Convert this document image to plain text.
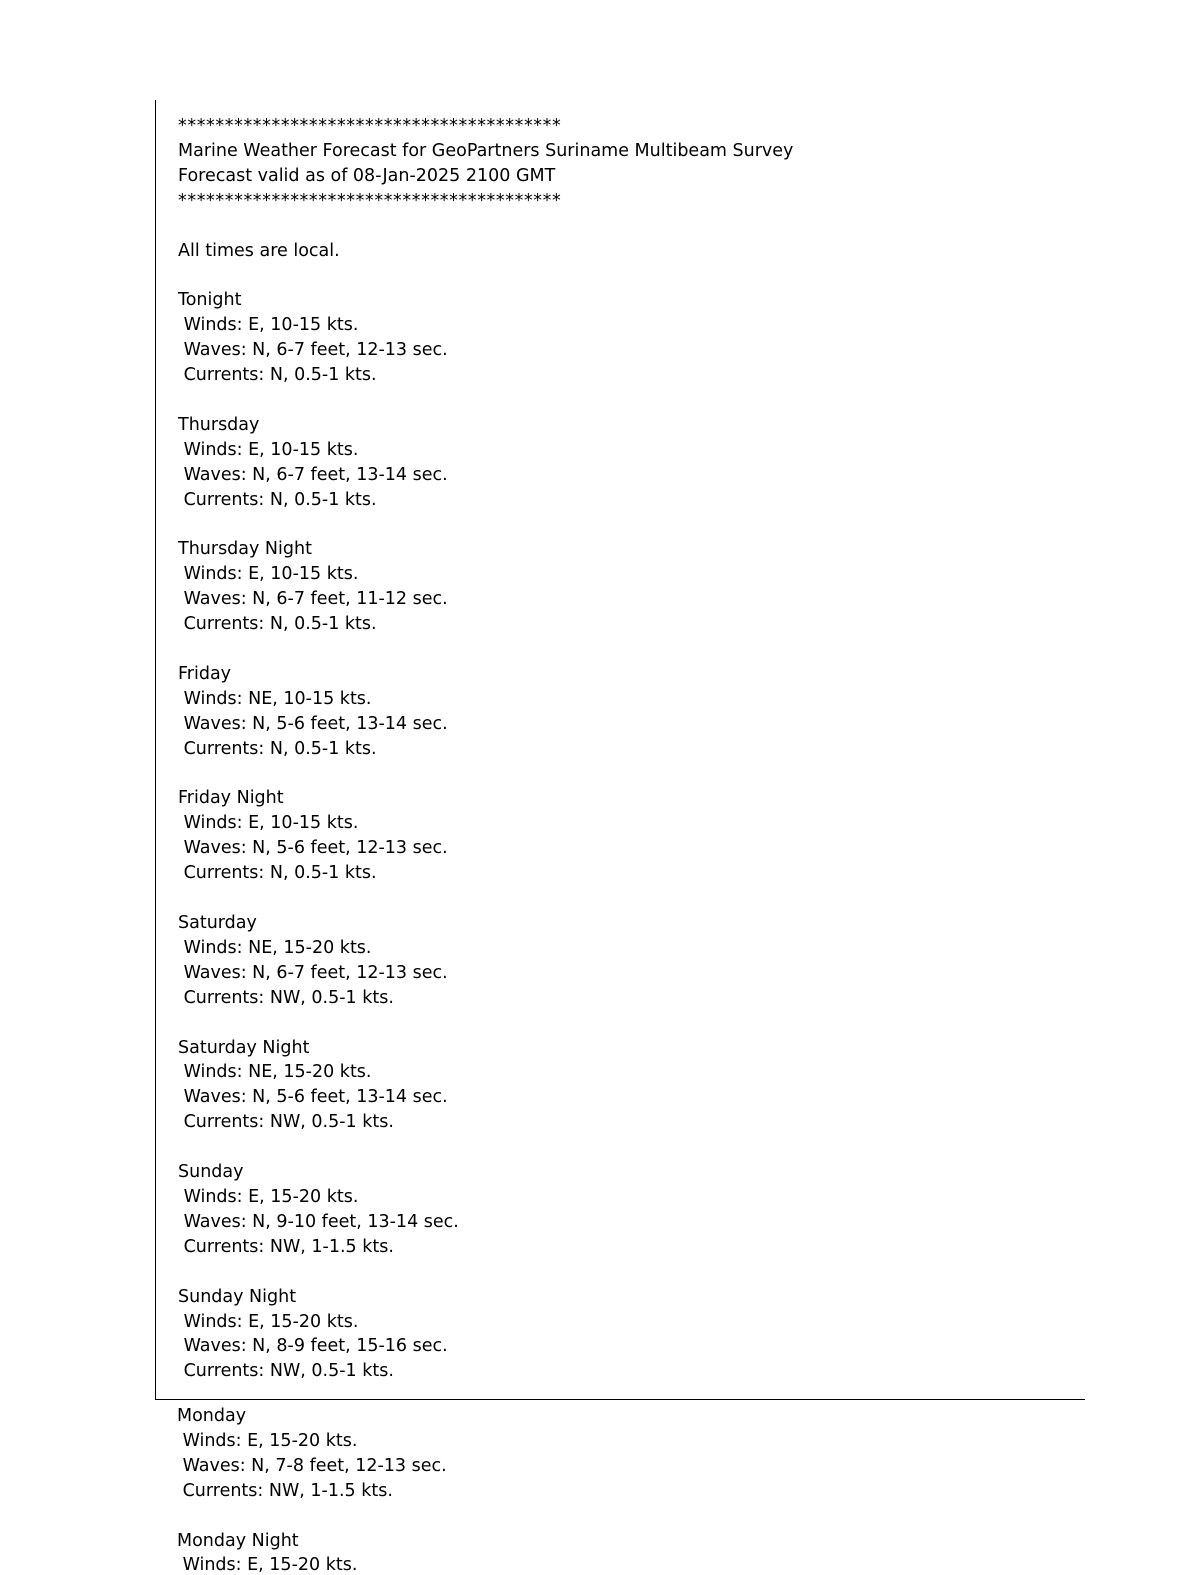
*****************************************
Marine Weather Forecast for GeoPartners Suriname Multibeam Survey
Forecast valid as of 08-Jan-2025 2100 GMT
*****************************************

All times are local.

Tonight
Winds: E, 10-15 kts.
Waves: N, 6-7 feet, 12-13 sec.
Currents: N, 0.5-1 kts.

Thursday
Winds: E, 10-15 kts.
Waves: N, 6-7 feet, 13-14 sec.
Currents: N, 0.5-1 kts.

Thursday Night
Winds: E, 10-15 kts.
Waves: N, 6-7 feet, 11-12 sec.
Currents: N, 0.5-1 kts.

Friday
Winds: NE, 10-15 kts.
Waves: N, 5-6 feet, 13-14 sec.
Currents: N, 0.5-1 kts.

Friday Night
Winds: E, 10-15 kts.
Waves: N, 5-6 feet, 12-13 sec.
Currents: N, 0.5-1 kts.

Saturday
Winds: NE, 15-20 kts.
Waves: N, 6-7 feet, 12-13 sec.
Currents: NW, 0.5-1 kts.

Saturday Night
Winds: NE, 15-20 kts.
Waves: N, 5-6 feet, 13-14 sec.
Currents: NW, 0.5-1 kts.

Sunday
Winds: E, 15-20 kts.
Waves: N, 9-10 feet, 13-14 sec.
Currents: NW, 1-1.5 kts.

Sunday Night
Winds: E, 15-20 kts.
Waves: N, 8-9 feet, 15-16 sec.
Currents: NW, 0.5-1 kts.
Monday
Winds: E, 15-20 kts.
Waves: N, 7-8 feet, 12-13 sec.
Currents: NW, 1-1.5 kts.

Monday Night
Winds: E, 15-20 kts.
